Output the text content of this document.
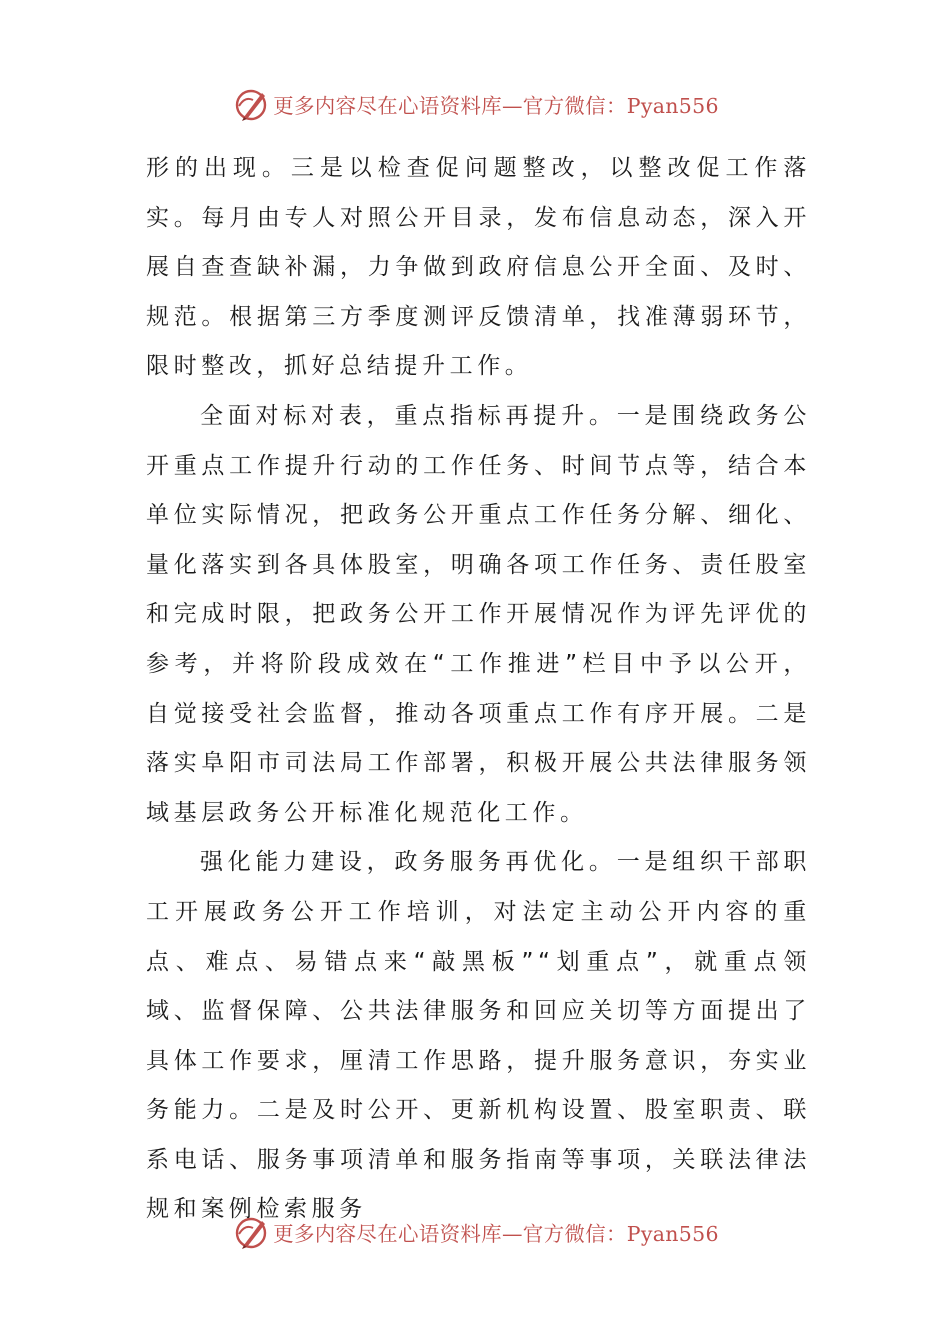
更多内容尽在心语资料库—官方微信：Pyan556

形的出现。三是以检查促问题整改，以整改促工作落实。每月由专人对照公开目录，发布信息动态，深入开展自查查缺补漏，力争做到政府信息公开全面、及时、规范。根据第三方季度测评反馈清单，找准薄弱环节，限时整改，抓好总结提升工作。

全面对标对表，重点指标再提升。一是围绕政务公开重点工作提升行动的工作任务、时间节点等，结合本单位实际情况，把政务公开重点工作任务分解、细化、量化落实到各具体股室，明确各项工作任务、责任股室和完成时限，把政务公开工作开展情况作为评先评优的参考，并将阶段成效在“工作推进”栏目中予以公开，自觉接受社会监督，推动各项重点工作有序开展。二是落实阜阳市司法局工作部署，积极开展公共法律服务领域基层政务公开标准化规范化工作。

强化能力建设，政务服务再优化。一是组织干部职工开展政务公开工作培训，对法定主动公开内容的重点、难点、易错点来“敲黑板”“划重点”，就重点领域、监督保障、公共法律服务和回应关切等方面提出了具体工作要求，厘清工作思路，提升服务意识，夯实业务能力。二是及时公开、更新机构设置、股室职责、联系电话、服务事项清单和服务指南等事项，关联法律法规和案例检索服务

更多内容尽在心语资料库—官方微信：Pyan556
